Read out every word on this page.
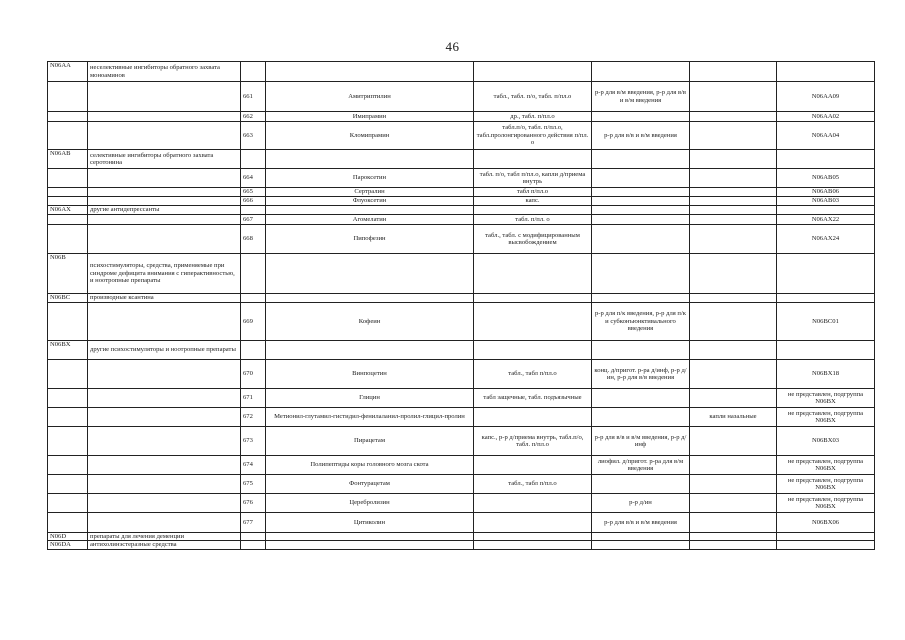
46
N06AA	неселективные ингибиторы обратного захвата моноаминов						
		661	Амитриптилин	табл., табл. п/о, табл. п/пл.о	р-р для в/м введения, р-р для в/в и в/м введения		N06AA09
		662	Имипрамин	др., табл. п/пл.о			N06AA02
		663	Кломипрамин	табл.п/о, табл. п/пл.о, табл.пролонгированного действия п/пл. о	р-р для в/в и в/м введения		N06AA04
N06AB	селективные ингибиторы обратного захвата серотонина						
		664	Пароксетин	табл. п/о, табл п/пл.о, капли д/приема внутрь			N06AB05
		665	Сертралин	табл п/пл.о			N06AB06
		666	Флуоксетин	капс.			N06AB03
N06AX	другие антидепрессанты						
		667	Агомелатин	табл. п/пл. о			N06AX22
		668	Пипофезин	табл., табл. с модифицированным высвобождением			N06AX24
N06B	психостимуляторы, средства, применяемые при синдроме дефицита внимания с гиперактивностью, и ноотропные препараты						
N06BC	производные ксантина						
		669	Кофеин		р-р для п/к введения, р-р для п/к и субконъюнктивального введения		N06BC01
N06BX	другие психостимуляторы и ноотропные препараты						
		670	Винпоцетин	табл., табл п/пл.о	конц. д/пригот. р-ра д/инф, р-р д/ин, р-р для в/в введения		N06BX18
		671	Глицин	табл защечные, табл. подъязычные			не представлен, подгруппа N06BX
		672	Метионил-глутамил-гистидил-фенилаланил-пролил-глицил-пролин			капли назальные	не представлен, подгруппа N06BX
		673	Пирацетам	капс., р-р д/приема внутрь, табл.п/о, табл. п/пл.о	р-р для в/в и в/м введения, р-р д/инф		N06BX03
		674	Полипептиды коры головного мозга скота		лиофил. д/пригот. р-ра для в/м введения		не представлен, подгруппа N06BX
		675	Фонтурацетам	табл., табл п/пл.о			не представлен, подгруппа N06BX
		676	Церебролизин		р-р д/ин		не представлен, подгруппа N06BX
		677	Цитиколин		р-р для в/в и в/м введения		N06BX06
N06D	препараты для лечения деменции						
N06DA	антихолинэстеразные средства						
